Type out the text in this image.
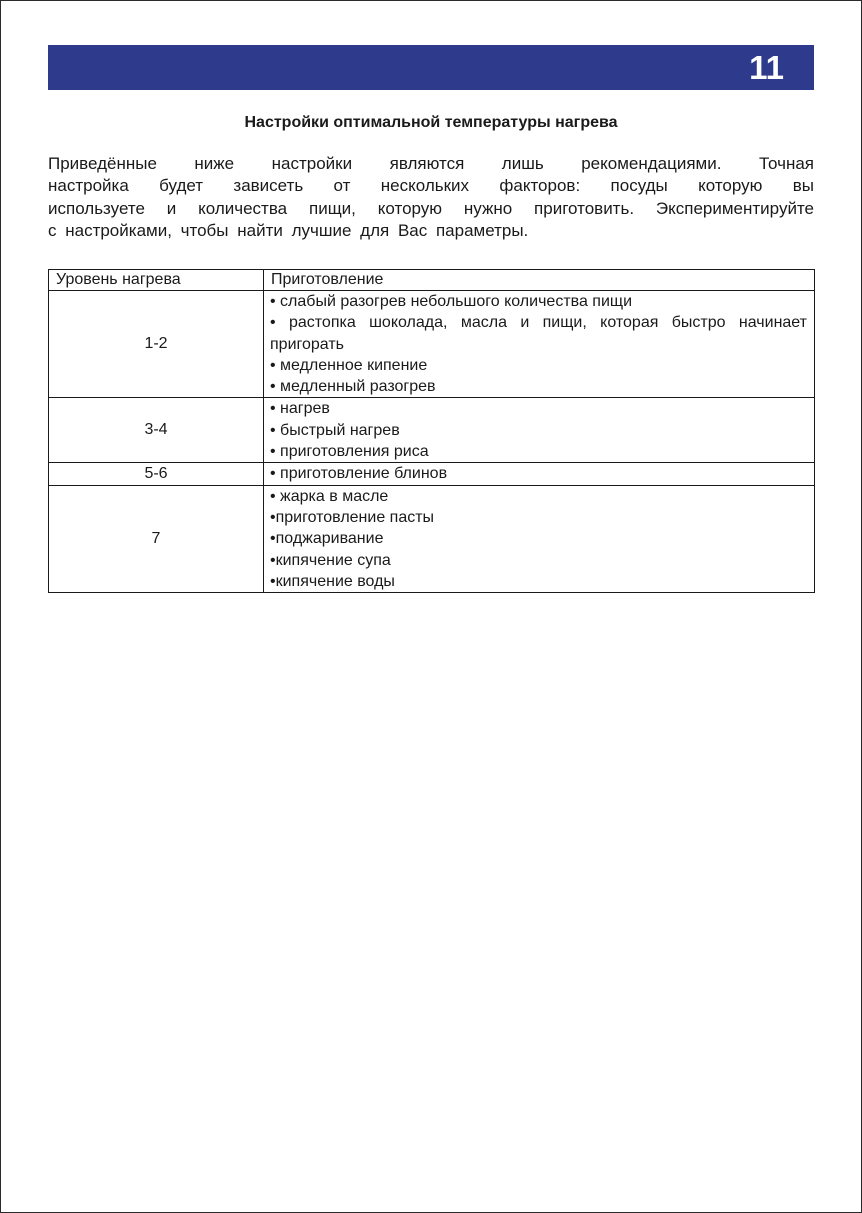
11
Настройки оптимальной температуры нагрева
Приведённые ниже настройки являются лишь рекомендациями. Точная
настройка будет зависеть от нескольких факторов: посуды которую вы
используете и количества пищи, которую нужно приготовить. Экспериментируйте
с настройками, чтобы найти лучшие для Вас параметры.
Уровень нагрева	Приготовление
1-2	• слабый разогрев небольшого количества пищи
• растопка шоколада, масла и пищи, которая быстро начинает пригорать
• медленное кипение
• медленный разогрев

3-4	• нагрев
• быстрый нагрев
• приготовления риса

5-6	• приготовление блинов

7	• жарка в масле
•приготовление пасты
•поджаривание
•кипячение супа
•кипячение воды
